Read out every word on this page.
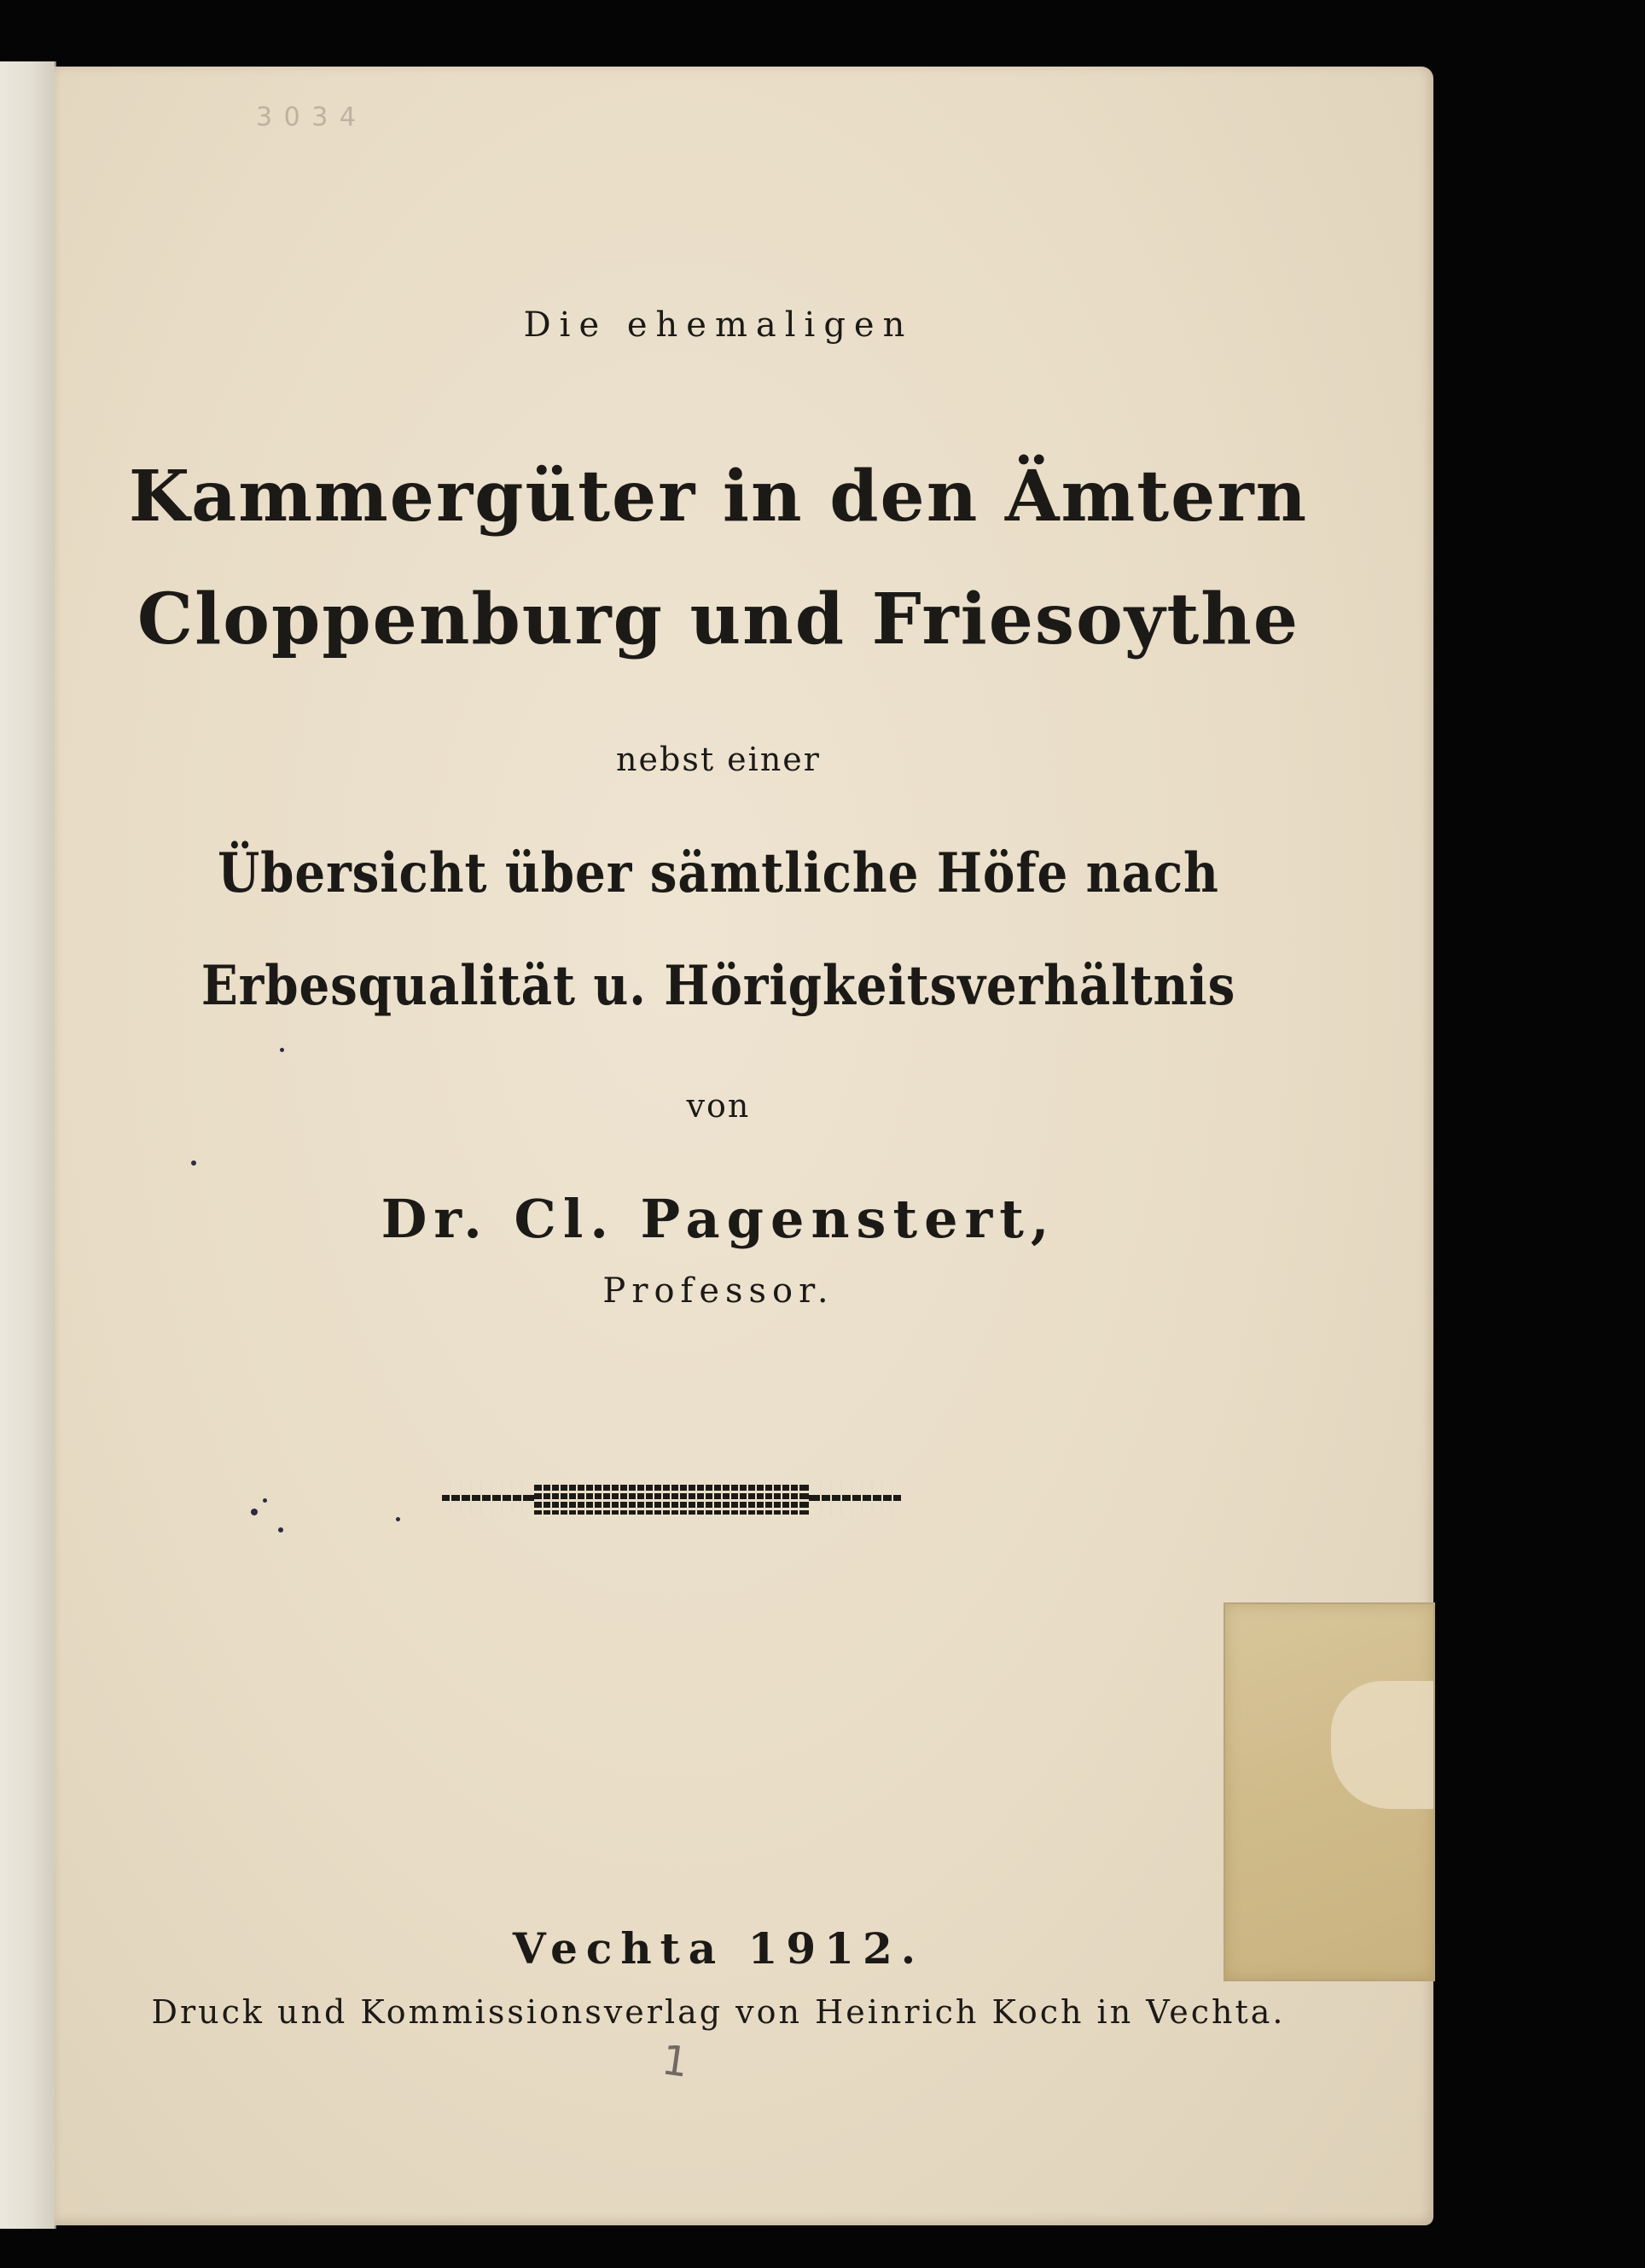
3 0 3 4
Die ehemaligen
Kammergüter in den Ämtern
Cloppenburg und Friesoythe
nebst einer
Übersicht über sämtliche Höfe nach
Erbesqualität u. Hörigkeitsverhältnis
von
Dr. Cl. Pagenstert,
Professor.
Vechta 1912.
Druck und Kommissionsverlag von Heinrich Koch in Vechta.
1
